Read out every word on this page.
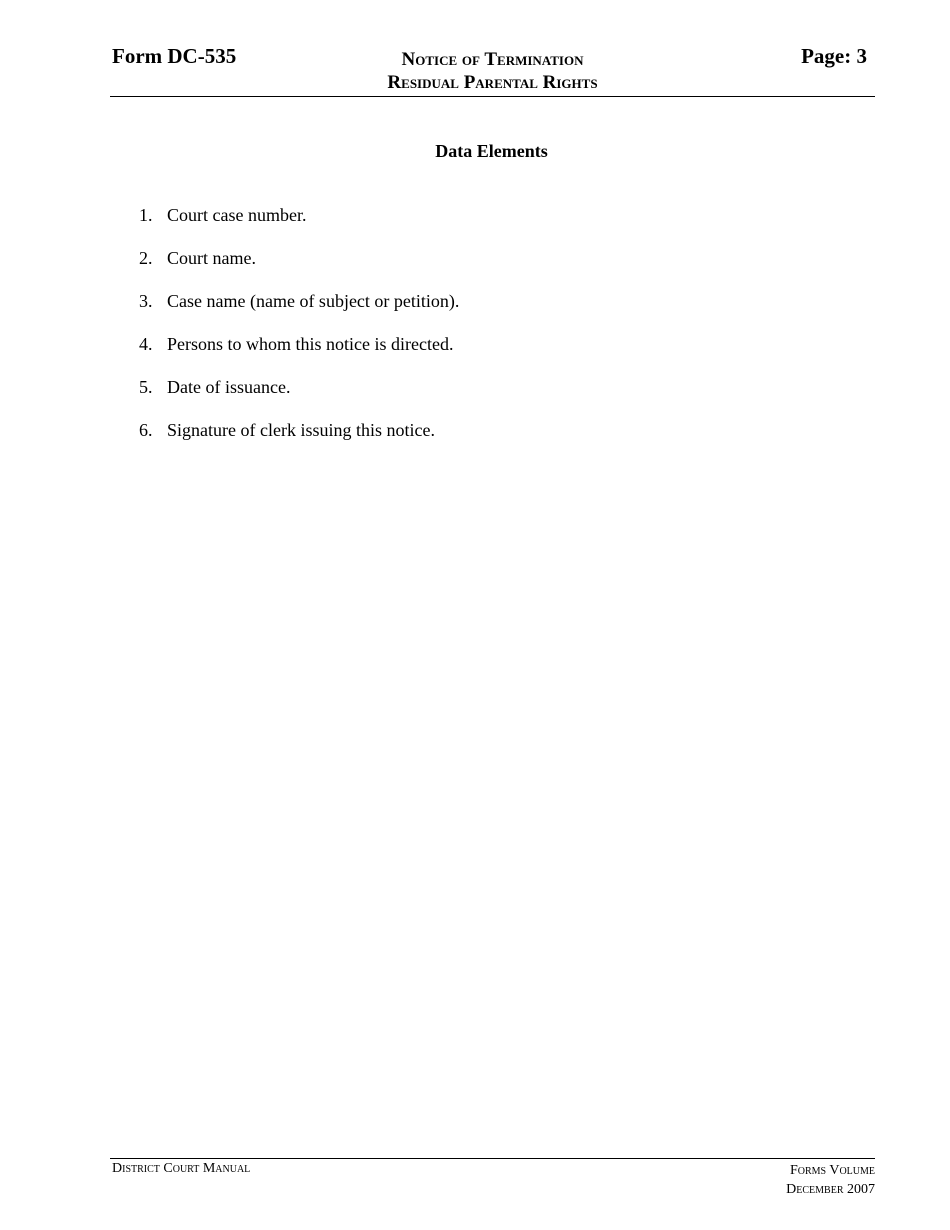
Form DC-535	Notice of Termination
Residual Parental Rights
Page: 3
Data Elements
1. Court case number.
2. Court name.
3. Case name (name of subject or petition).
4. Persons to whom this notice is directed.
5. Date of issuance.
6. Signature of clerk issuing this notice.
District Court Manual	Forms Volume
December 2007
